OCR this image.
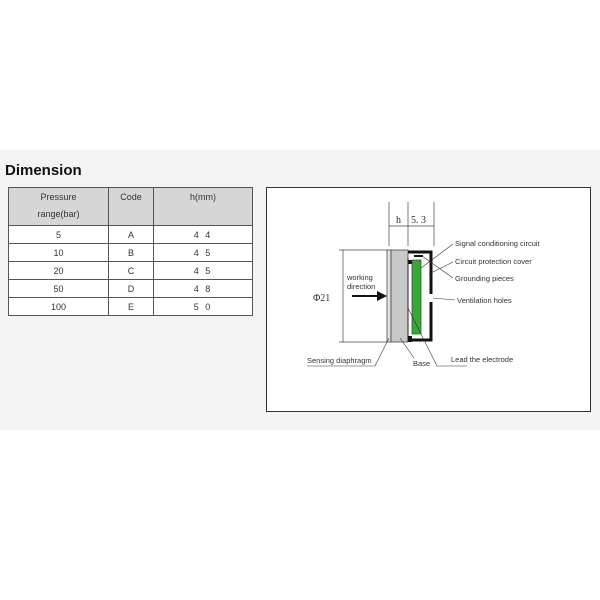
Dimension
Pressure
range(bar)	Code	h(mm)
5	A	4 4
10	B	4 5
20	C	4 5
50	D	4 8
100	E	5 0
h 5. 3
Φ21
working
direction
Signal conditioning circuit
Circuit protection cover
Grounding pieces
Ventilation holes
Sensing diaphragm	Base	Lead the electrode
